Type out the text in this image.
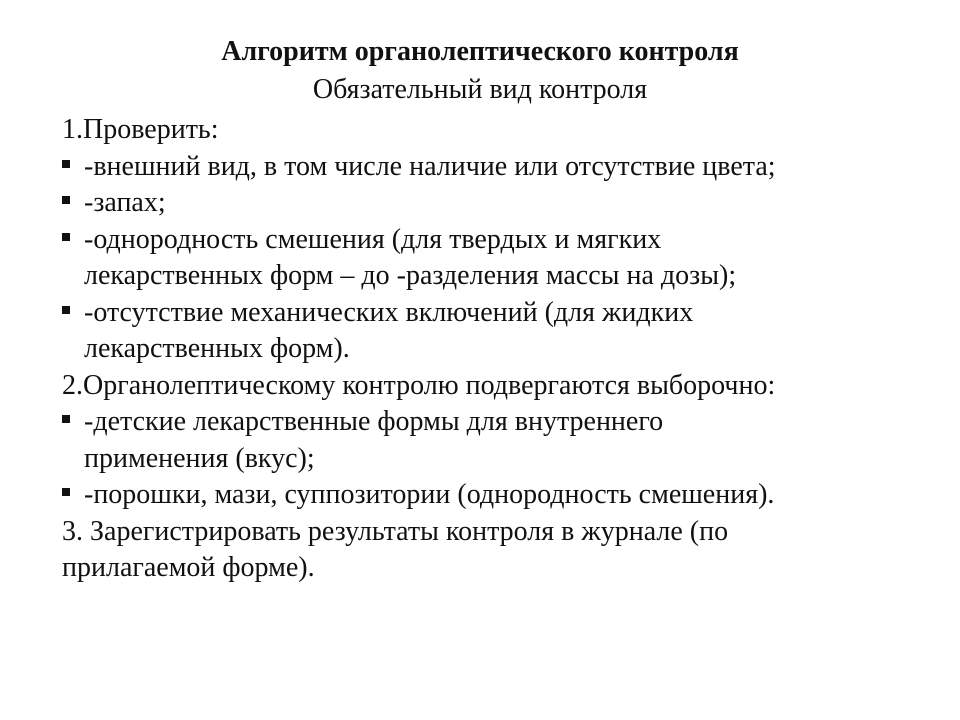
Алгоритм органолептического контроля
Обязательный вид контроля

1.Проверить:

-внешний вид, в том числе наличие или отсутствие цвета;
-запах;
-однородность смешения (для твердых и мягких
лекарственных форм – до -разделения массы на дозы);
-отсутствие механических включений (для жидких
лекарственных форм).

2.Органолептическому контролю подвергаются выборочно:

-детские лекарственные формы для внутреннего
применения (вкус);
-порошки, мази, суппозитории (однородность смешения).
3. Зарегистрировать результаты контроля в журнале (по
прилагаемой форме).
